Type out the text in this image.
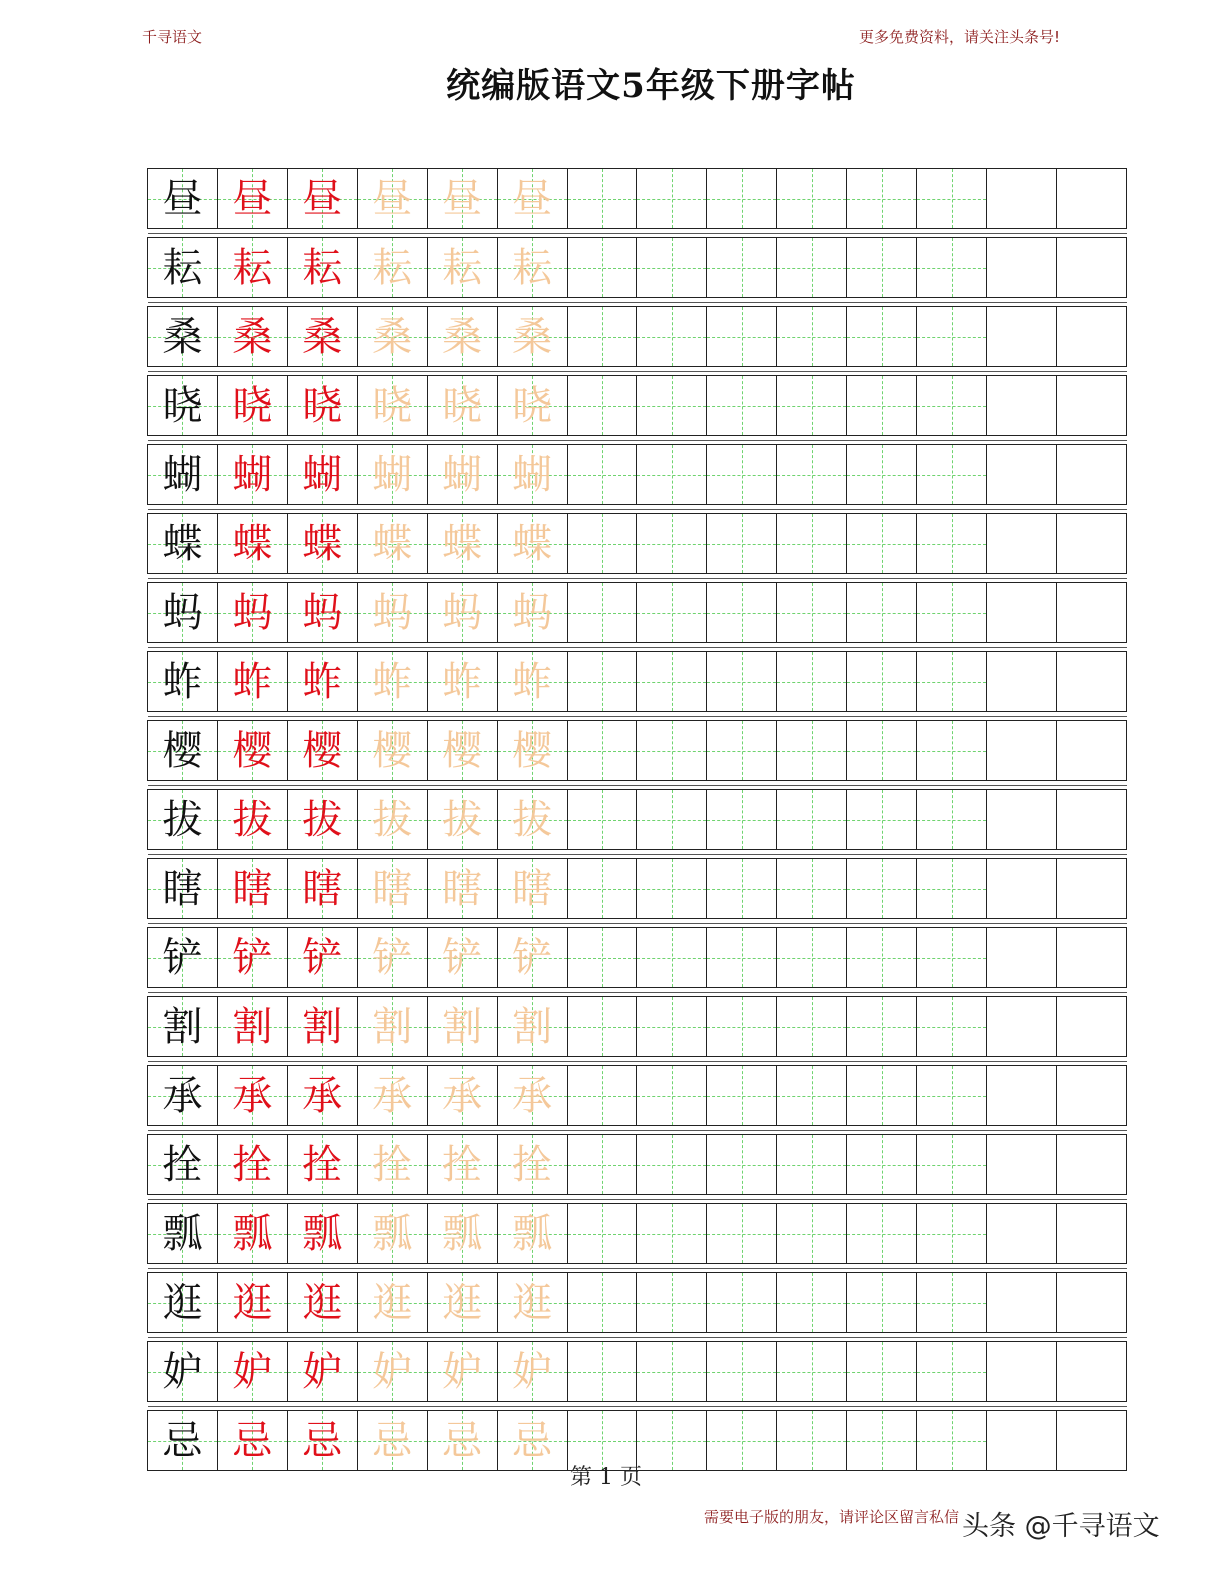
千寻语文	更多免费资料，请关注头条号!
统编版语文5年级下册字帖
昼 昼 昼 昼 昼 昼
耘 耘 耘 耘 耘 耘
桑 桑 桑 桑 桑 桑
晓 晓 晓 晓 晓 晓
蝴 蝴 蝴 蝴 蝴 蝴
蝶 蝶 蝶 蝶 蝶 蝶
蚂 蚂 蚂 蚂 蚂 蚂
蚱 蚱 蚱 蚱 蚱 蚱
樱 樱 樱 樱 樱 樱
拔 拔 拔 拔 拔 拔
瞎 瞎 瞎 瞎 瞎 瞎
铲 铲 铲 铲 铲 铲
割 割 割 割 割 割
承 承 承 承 承 承
拴 拴 拴 拴 拴 拴
瓢 瓢 瓢 瓢 瓢 瓢
逛 逛 逛 逛 逛 逛
妒 妒 妒 妒 妒 妒
忌 忌 忌 忌 忌 忌
第 1 页
需要电子版的朋友，请评论区留言私信 头条 @千寻语文
